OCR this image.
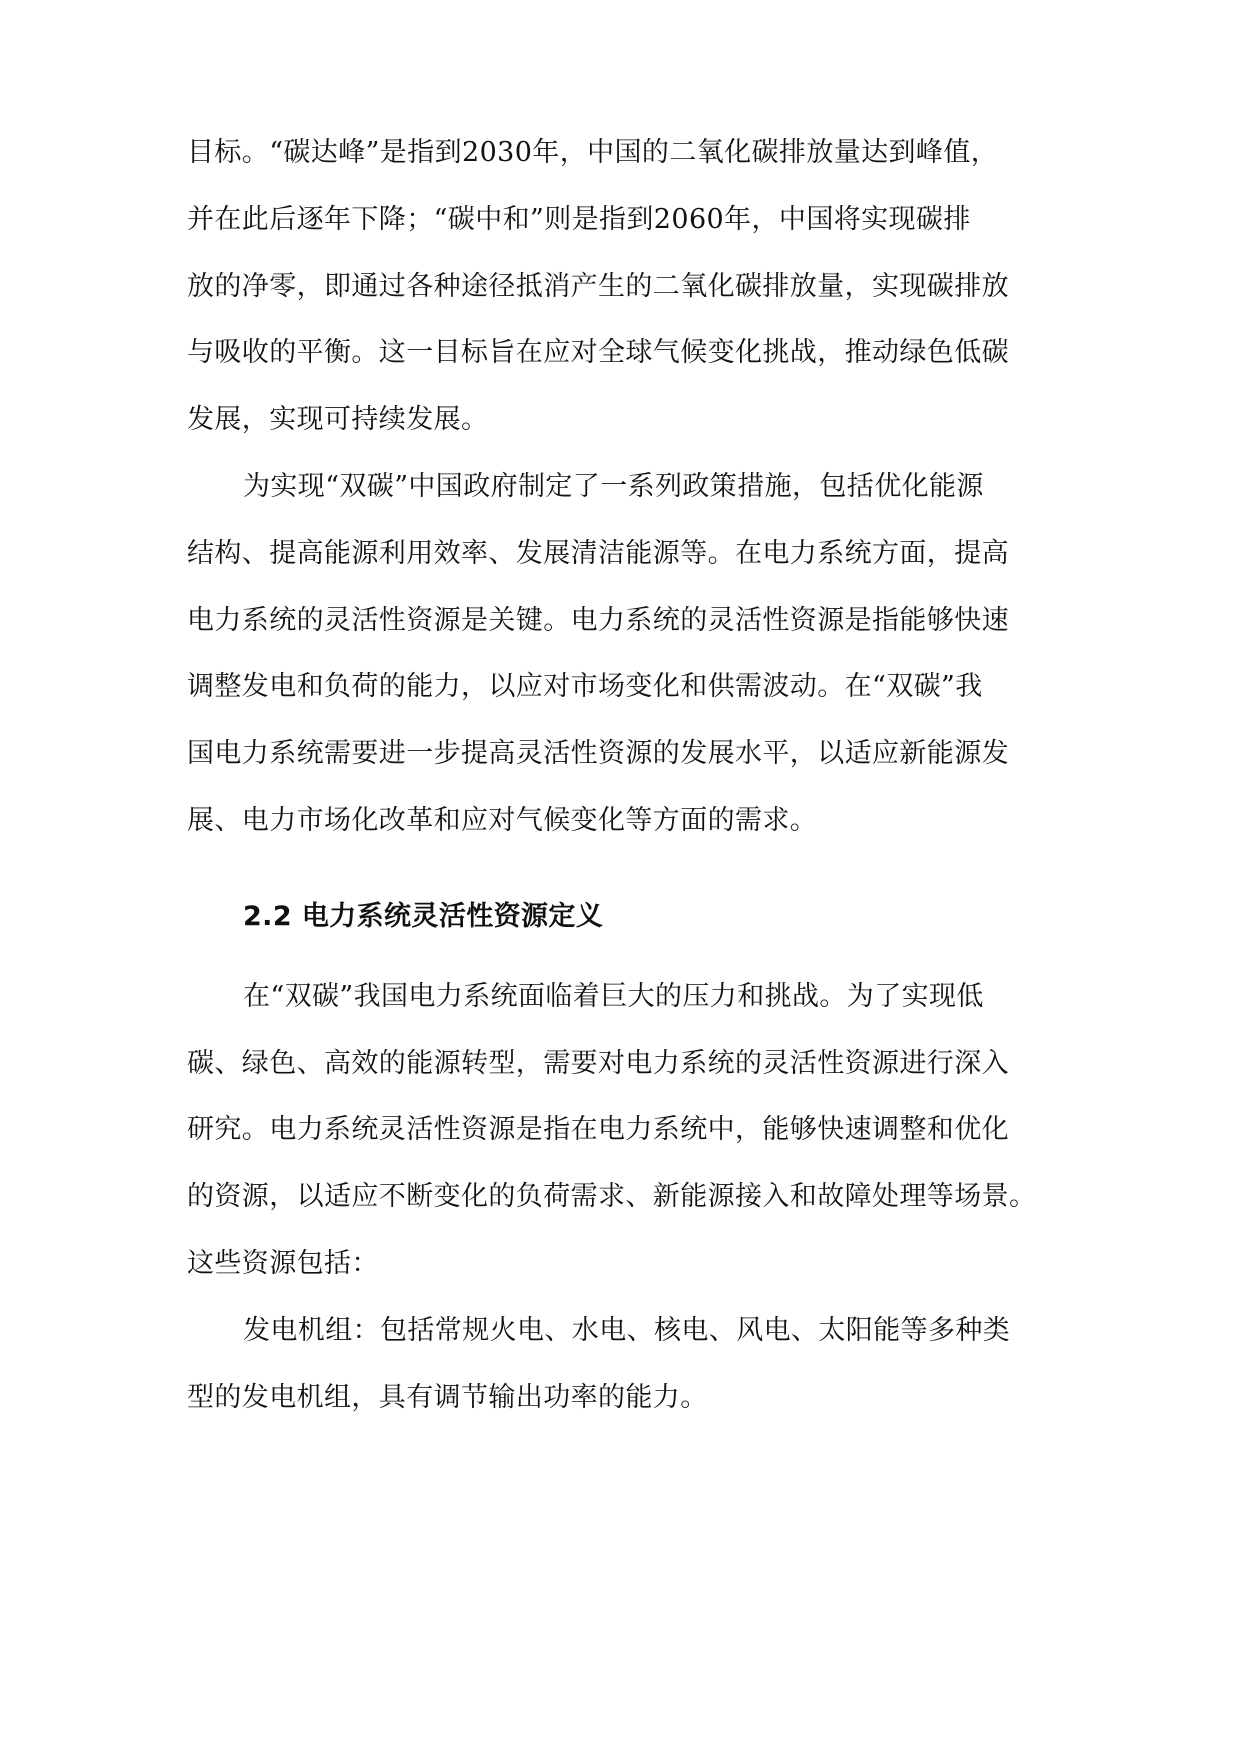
目标。“碳达峰”是指到2030年，中国的二氧化碳排放量达到峰值，
并在此后逐年下降；“碳中和”则是指到2060年，中国将实现碳排
放的净零，即通过各种途径抵消产生的二氧化碳排放量，实现碳排放
与吸收的平衡。这一目标旨在应对全球气候变化挑战，推动绿色低碳
发展，实现可持续发展。
为实现“双碳”中国政府制定了一系列政策措施，包括优化能源
结构、提高能源利用效率、发展清洁能源等。在电力系统方面，提高
电力系统的灵活性资源是关键。电力系统的灵活性资源是指能够快速
调整发电和负荷的能力，以应对市场变化和供需波动。在“双碳”我
国电力系统需要进一步提高灵活性资源的发展水平，以适应新能源发
展、电力市场化改革和应对气候变化等方面的需求。
2.2 电力系统灵活性资源定义
在“双碳”我国电力系统面临着巨大的压力和挑战。为了实现低
碳、绿色、高效的能源转型，需要对电力系统的灵活性资源进行深入
研究。电力系统灵活性资源是指在电力系统中，能够快速调整和优化
的资源，以适应不断变化的负荷需求、新能源接入和故障处理等场景。
这些资源包括：
发电机组：包括常规火电、水电、核电、风电、太阳能等多种类
型的发电机组，具有调节输出功率的能力。
